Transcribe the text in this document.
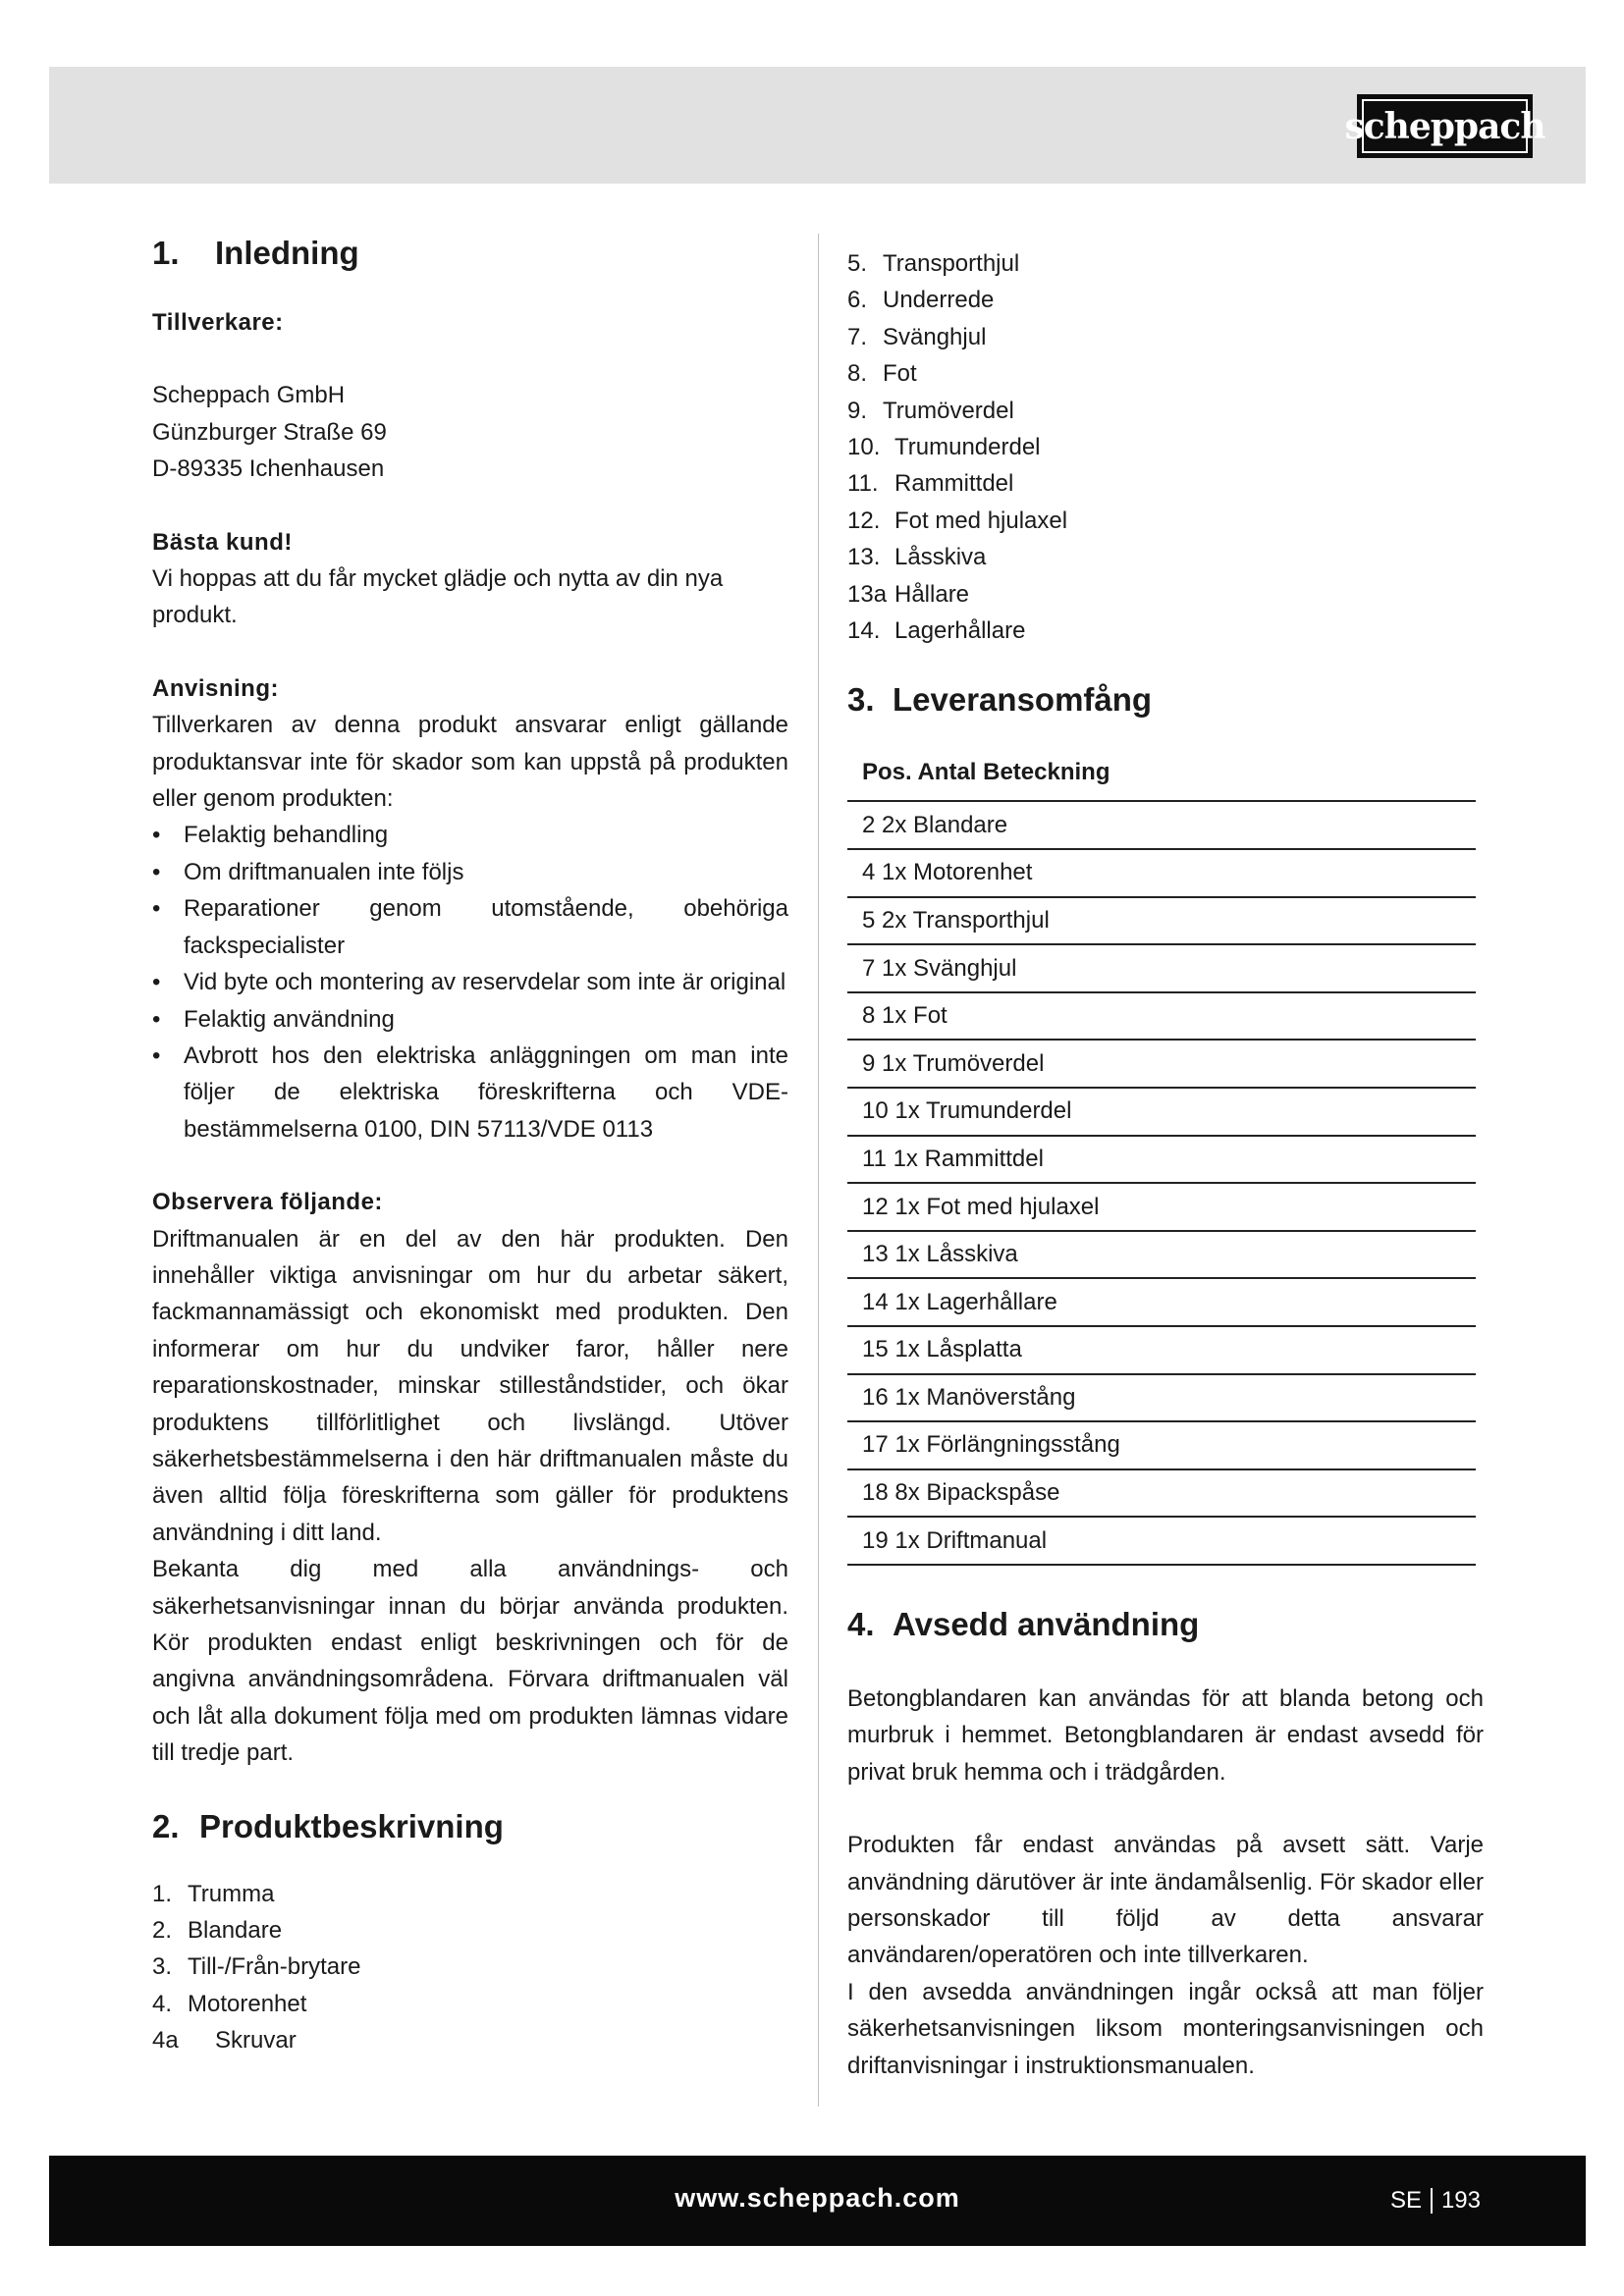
scheppach
1.	Inledning
Tillverkare:
Scheppach GmbH
Günzburger Straße 69
D-89335 Ichenhausen
Bästa kund!
Vi hoppas att du får mycket glädje och nytta av din nya produkt.
Anvisning:
Tillverkaren av denna produkt ansvarar enligt gällande produktansvar inte för skador som kan uppstå på produkten eller genom produkten:
• Felaktig behandling
• Om driftmanualen inte följs
• Reparationer genom utomstående, obehöriga fackspecialister
• Vid byte och montering av reservdelar som inte är original
• Felaktig användning
• Avbrott hos den elektriska anläggningen om man inte följer de elektriska föreskrifterna och VDE-bestämmelserna 0100, DIN 57113/VDE 0113
Observera följande:
Driftmanualen är en del av den här produkten. Den innehåller viktiga anvisningar om hur du arbetar säkert, fackmannamässigt och ekonomiskt med produkten. Den informerar om hur du undviker faror, håller nere reparationskostnader, minskar stilleståndstider, och ökar produktens tillförlitlighet och livslängd. Utöver säkerhetsbestämmelserna i den här driftmanualen måste du även alltid följa föreskrifterna som gäller för produktens användning i ditt land.
Bekanta dig med alla användnings- och säkerhetsanvisningar innan du börjar använda produkten. Kör produkten endast enligt beskrivningen och för de angivna användningsområdena. Förvara driftmanualen väl och låt alla dokument följa med om produkten lämnas vidare till tredje part.
2. Produktbeskrivning
1. Trumma
2. Blandare
3. Till-/Från-brytare
4. Motorenhet
4a	Skruvar
5. Transporthjul
6. Underrede
7. Svänghjul
8. Fot
9. Trumöverdel
10. Trumunderdel
11. Rammittdel
12. Fot med hjulaxel
13. Låsskiva
13a Hållare
14. Lagerhållare
3. Leveransomfång
Pos. Antal Beteckning
2 2x Blandare
4 1x Motorenhet
5 2x Transporthjul
7 1x Svänghjul
8 1x Fot
9 1x Trumöverdel
10 1x Trumunderdel
11 1x Rammittdel
12 1x Fot med hjulaxel
13 1x Låsskiva
14 1x Lagerhållare
15 1x Låsplatta
16 1x Manöverstång
17 1x Förlängningsstång
18 8x Bipackspåse
19 1x Driftmanual
4. Avsedd användning
Betongblandaren kan användas för att blanda betong och murbruk i hemmet. Betongblandaren är endast avsedd för privat bruk hemma och i trädgården.
Produkten får endast användas på avsett sätt. Varje användning därutöver är inte ändamålsenlig. För skador eller personskador till följd av detta ansvarar användaren/operatören och inte tillverkaren.
I den avsedda användningen ingår också att man följer säkerhetsanvisningen liksom monteringsanvisningen och driftanvisningar i instruktionsmanualen.
www.scheppach.com	SE 193
